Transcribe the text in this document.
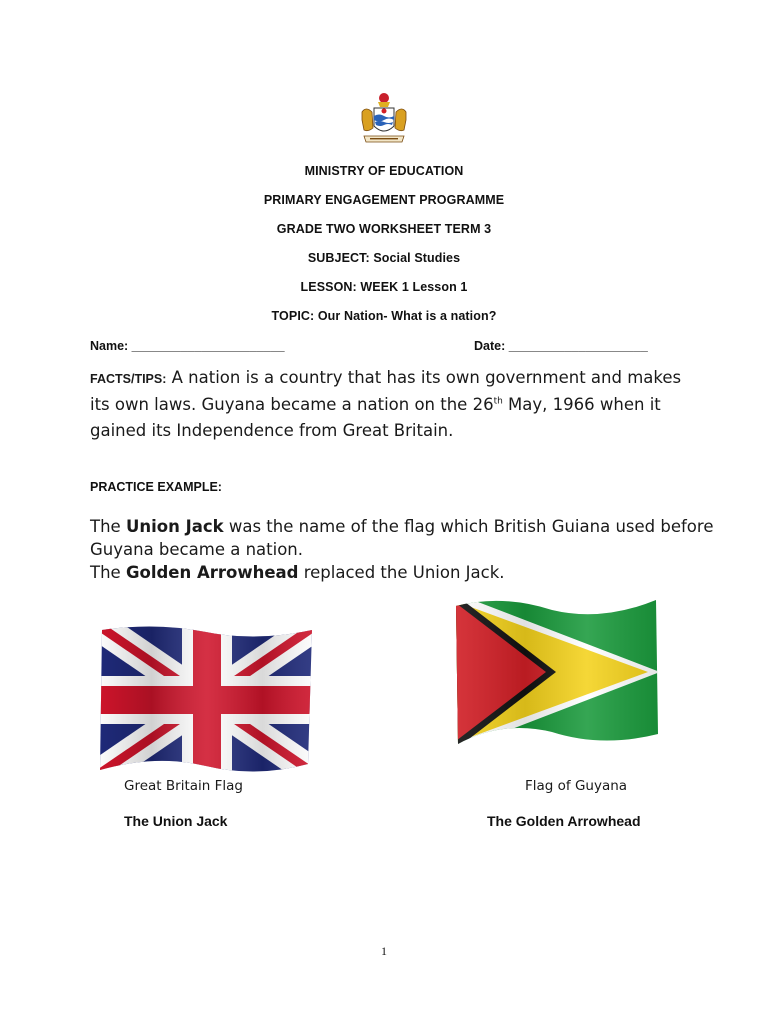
MINISTRY OF EDUCATION
PRIMARY ENGAGEMENT PROGRAMME
GRADE TWO WORKSHEET TERM 3
SUBJECT: Social Studies
LESSON: WEEK 1 Lesson 1
TOPIC: Our Nation- What is a nation?
Name: ______________________	Date: ____________________
FACTS/TIPS: A nation is a country that has its own government and makes its own laws. Guyana became a nation on the 26th May, 1966 when it gained its Independence from Great Britain.
PRACTICE EXAMPLE:
The Union Jack was the name of the flag which British Guiana used before Guyana became a nation.
The Golden Arrowhead replaced the Union Jack.
Great Britain Flag	Flag of Guyana
The Union Jack	The Golden Arrowhead
1
